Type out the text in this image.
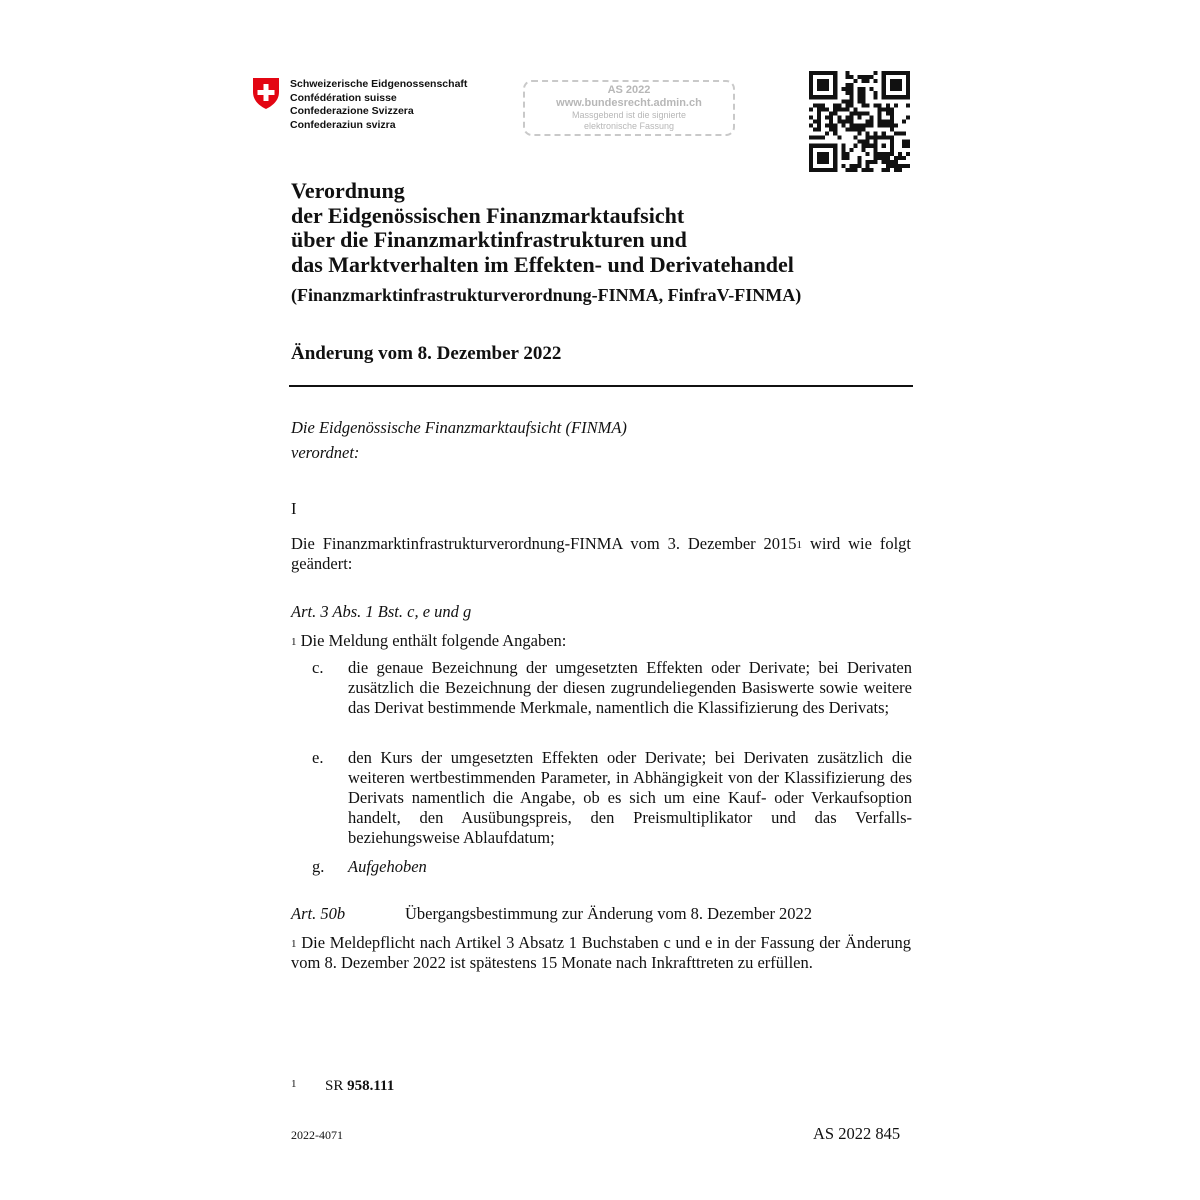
Schweizerische Eidgenossenschaft
Confédération suisse
Confederazione Svizzera
Confederaziun svizra
AS 2022
www.bundesrecht.admin.ch
Massgebend ist die signierte
elektronische Fassung
Verordnung
der Eidgenössischen Finanzmarktaufsicht
über die Finanzmarktinfrastrukturen und
das Marktverhalten im Effekten- und Derivatehandel
(Finanzmarktinfrastrukturverordnung-FINMA, FinfraV-FINMA)
Änderung vom 8. Dezember 2022
Die Eidgenössische Finanzmarktaufsicht (FINMA)
verordnet:
I
Die Finanzmarktinfrastrukturverordnung-FINMA vom 3. Dezember 2015$^1$ wird wie folgt geändert:
Art. 3 Abs. 1 Bst. c, e und g
$^1$ Die Meldung enthält folgende Angaben:
c.	die genaue Bezeichnung der umgesetzten Effekten oder Derivate; bei Derivaten zusätzlich die Bezeichnung der diesen zugrundeliegenden Basiswerte sowie weitere das Derivat bestimmende Merkmale, namentlich die Klassifizierung des Derivats;
e.	den Kurs der umgesetzten Effekten oder Derivate; bei Derivaten zusätzlich die weiteren wertbestimmenden Parameter, in Abhängigkeit von der Klassifizierung des Derivats namentlich die Angabe, ob es sich um eine Kauf- oder Verkaufsoption handelt, den Ausübungspreis, den Preismultiplikator und das Verfalls- beziehungsweise Ablaufdatum;
g.	Aufgehoben
Art. 50b	Übergangsbestimmung zur Änderung vom 8. Dezember 2022
$^1$ Die Meldepflicht nach Artikel 3 Absatz 1 Buchstaben c und e in der Fassung der Änderung vom 8. Dezember 2022 ist spätestens 15 Monate nach Inkrafttreten zu erfüllen.
1 SR 958.111
2022-4071	AS 2022 845
